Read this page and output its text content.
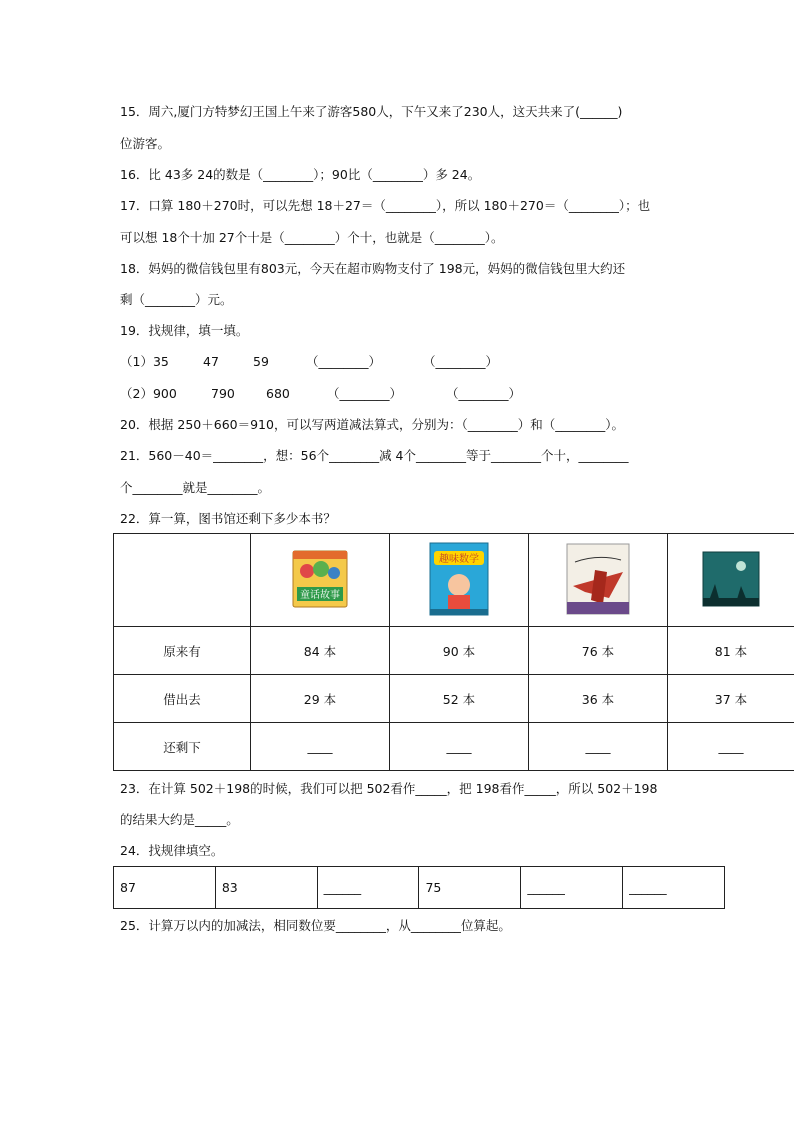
15．周六,厦门方特梦幻王国上午来了游客580人，下午又来了230人，这天共来了(______)
位游客。
16．比 43多 24的数是（________）；90比（________）多 24。
17．口算 180＋270时，可以先想 18＋27＝（________），所以 180＋270＝（________）；也
可以想 18个十加 27个十是（________）个十，也就是（________）。
18．妈妈的微信钱包里有803元，今天在超市购物支付了 198元，妈妈的微信钱包里大约还
剩（________）元。
19．找规律，填一填。
（1）35	47	59	（________）	（________）
（2）900	790 680	（________）	（________）
20．根据 250＋660＝910，可以写两道减法算式，分别为：（________）和（________）。
21．560－40＝________，想：56个________减 4个________等于________个十，________
个________就是________。
22．算一算，图书馆还剩下多少本书？

童话故事	趣味数学

原来有	84 本	90 本	76 本	81 本
借出去	29 本	52 本	36 本	37 本
还剩下	____	____	____	____
23．在计算 502＋198的时候，我们可以把 502看作_____，把 198看作_____，所以 502＋198
的结果大约是_____。
24．找规律填空。
87	83	______	75	______	______
25．计算万以内的加减法，相同数位要________，从________位算起。
